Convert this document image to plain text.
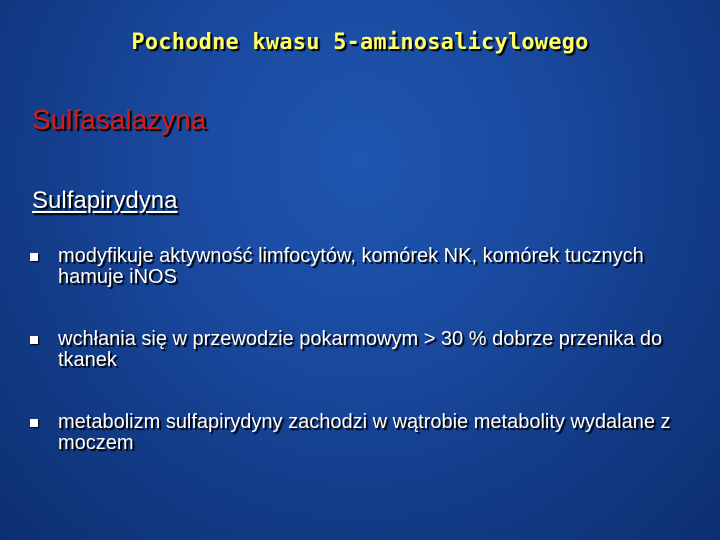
Pochodne kwasu 5-aminosalicylowego
Sulfasalazyna
Sulfapirydyna
modyfikuje aktywność limfocytów, komórek NK, komórek tucznych hamuje iNOS
wchłania się w przewodzie pokarmowym > 30 % dobrze przenika do tkanek
metabolizm sulfapirydyny zachodzi w wątrobie metabolity wydalane z moczem
